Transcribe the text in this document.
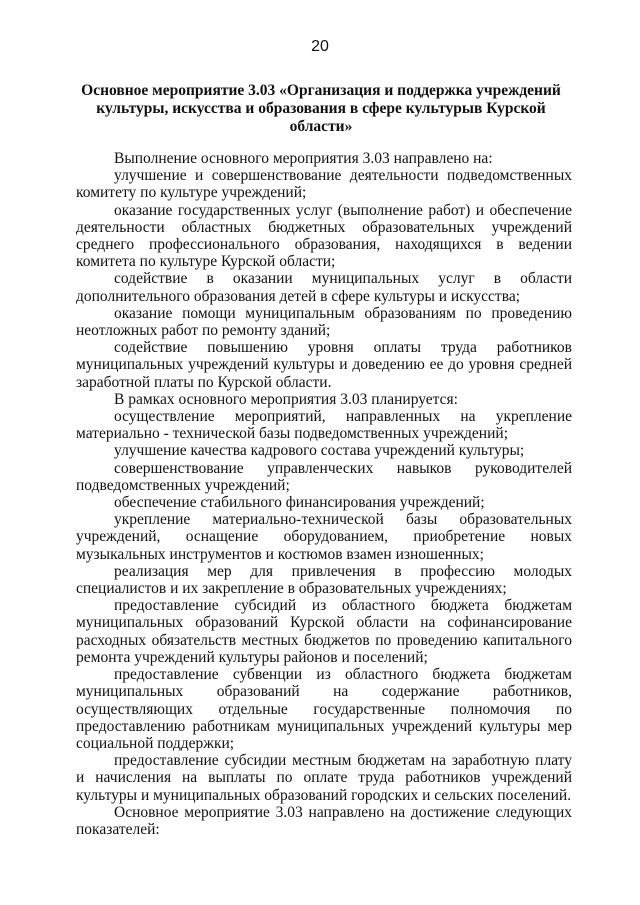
20
Основное мероприятие 3.03 «Организация и поддержка учреждений культуры, искусства и образования в сфере культурыв Курской области»

Выполнение основного мероприятия 3.03 направлено на:

улучшение и совершенствование деятельности подведомственных комитету по культуре учреждений;

оказание государственных услуг (выполнение работ) и обеспечение деятельности областных бюджетных образовательных учреждений среднего профессионального образования, находящихся в ведении комитета по культуре Курской области;

содействие в оказании муниципальных услуг в области дополнительного образования детей в сфере культуры и искусства;

оказание помощи муниципальным образованиям по проведению неотложных работ по ремонту зданий;

содействие повышению уровня оплаты труда работников муниципальных учреждений культуры и доведению ее до уровня средней заработной платы по Курской области.

В рамках основного мероприятия 3.03 планируется:

осуществление мероприятий, направленных на укрепление материально - технической базы подведомственных учреждений;

улучшение качества кадрового состава учреждений культуры;

совершенствование управленческих навыков руководителей подведомственных учреждений;

обеспечение стабильного финансирования учреждений;

укрепление материально-технической базы образовательных учреждений, оснащение оборудованием, приобретение новых музыкальных инструментов и костюмов взамен изношенных;

реализация мер для привлечения в профессию молодых специалистов и их закрепление в образовательных учреждениях;

предоставление субсидий из областного бюджета бюджетам муниципальных образований Курской области на софинансирование расходных обязательств местных бюджетов по проведению капитального ремонта учреждений культуры районов и поселений;

предоставление субвенции из областного бюджета бюджетам муниципальных образований на содержание работников, осуществляющих отдельные государственные полномочия по предоставлению работникам муниципальных учреждений культуры мер социальной поддержки;

предоставление субсидии местным бюджетам на заработную плату и начисления на выплаты по оплате труда работников учреждений культуры и муниципальных образований городских и сельских поселений.

Основное мероприятие 3.03 направлено на достижение следующих показателей:
